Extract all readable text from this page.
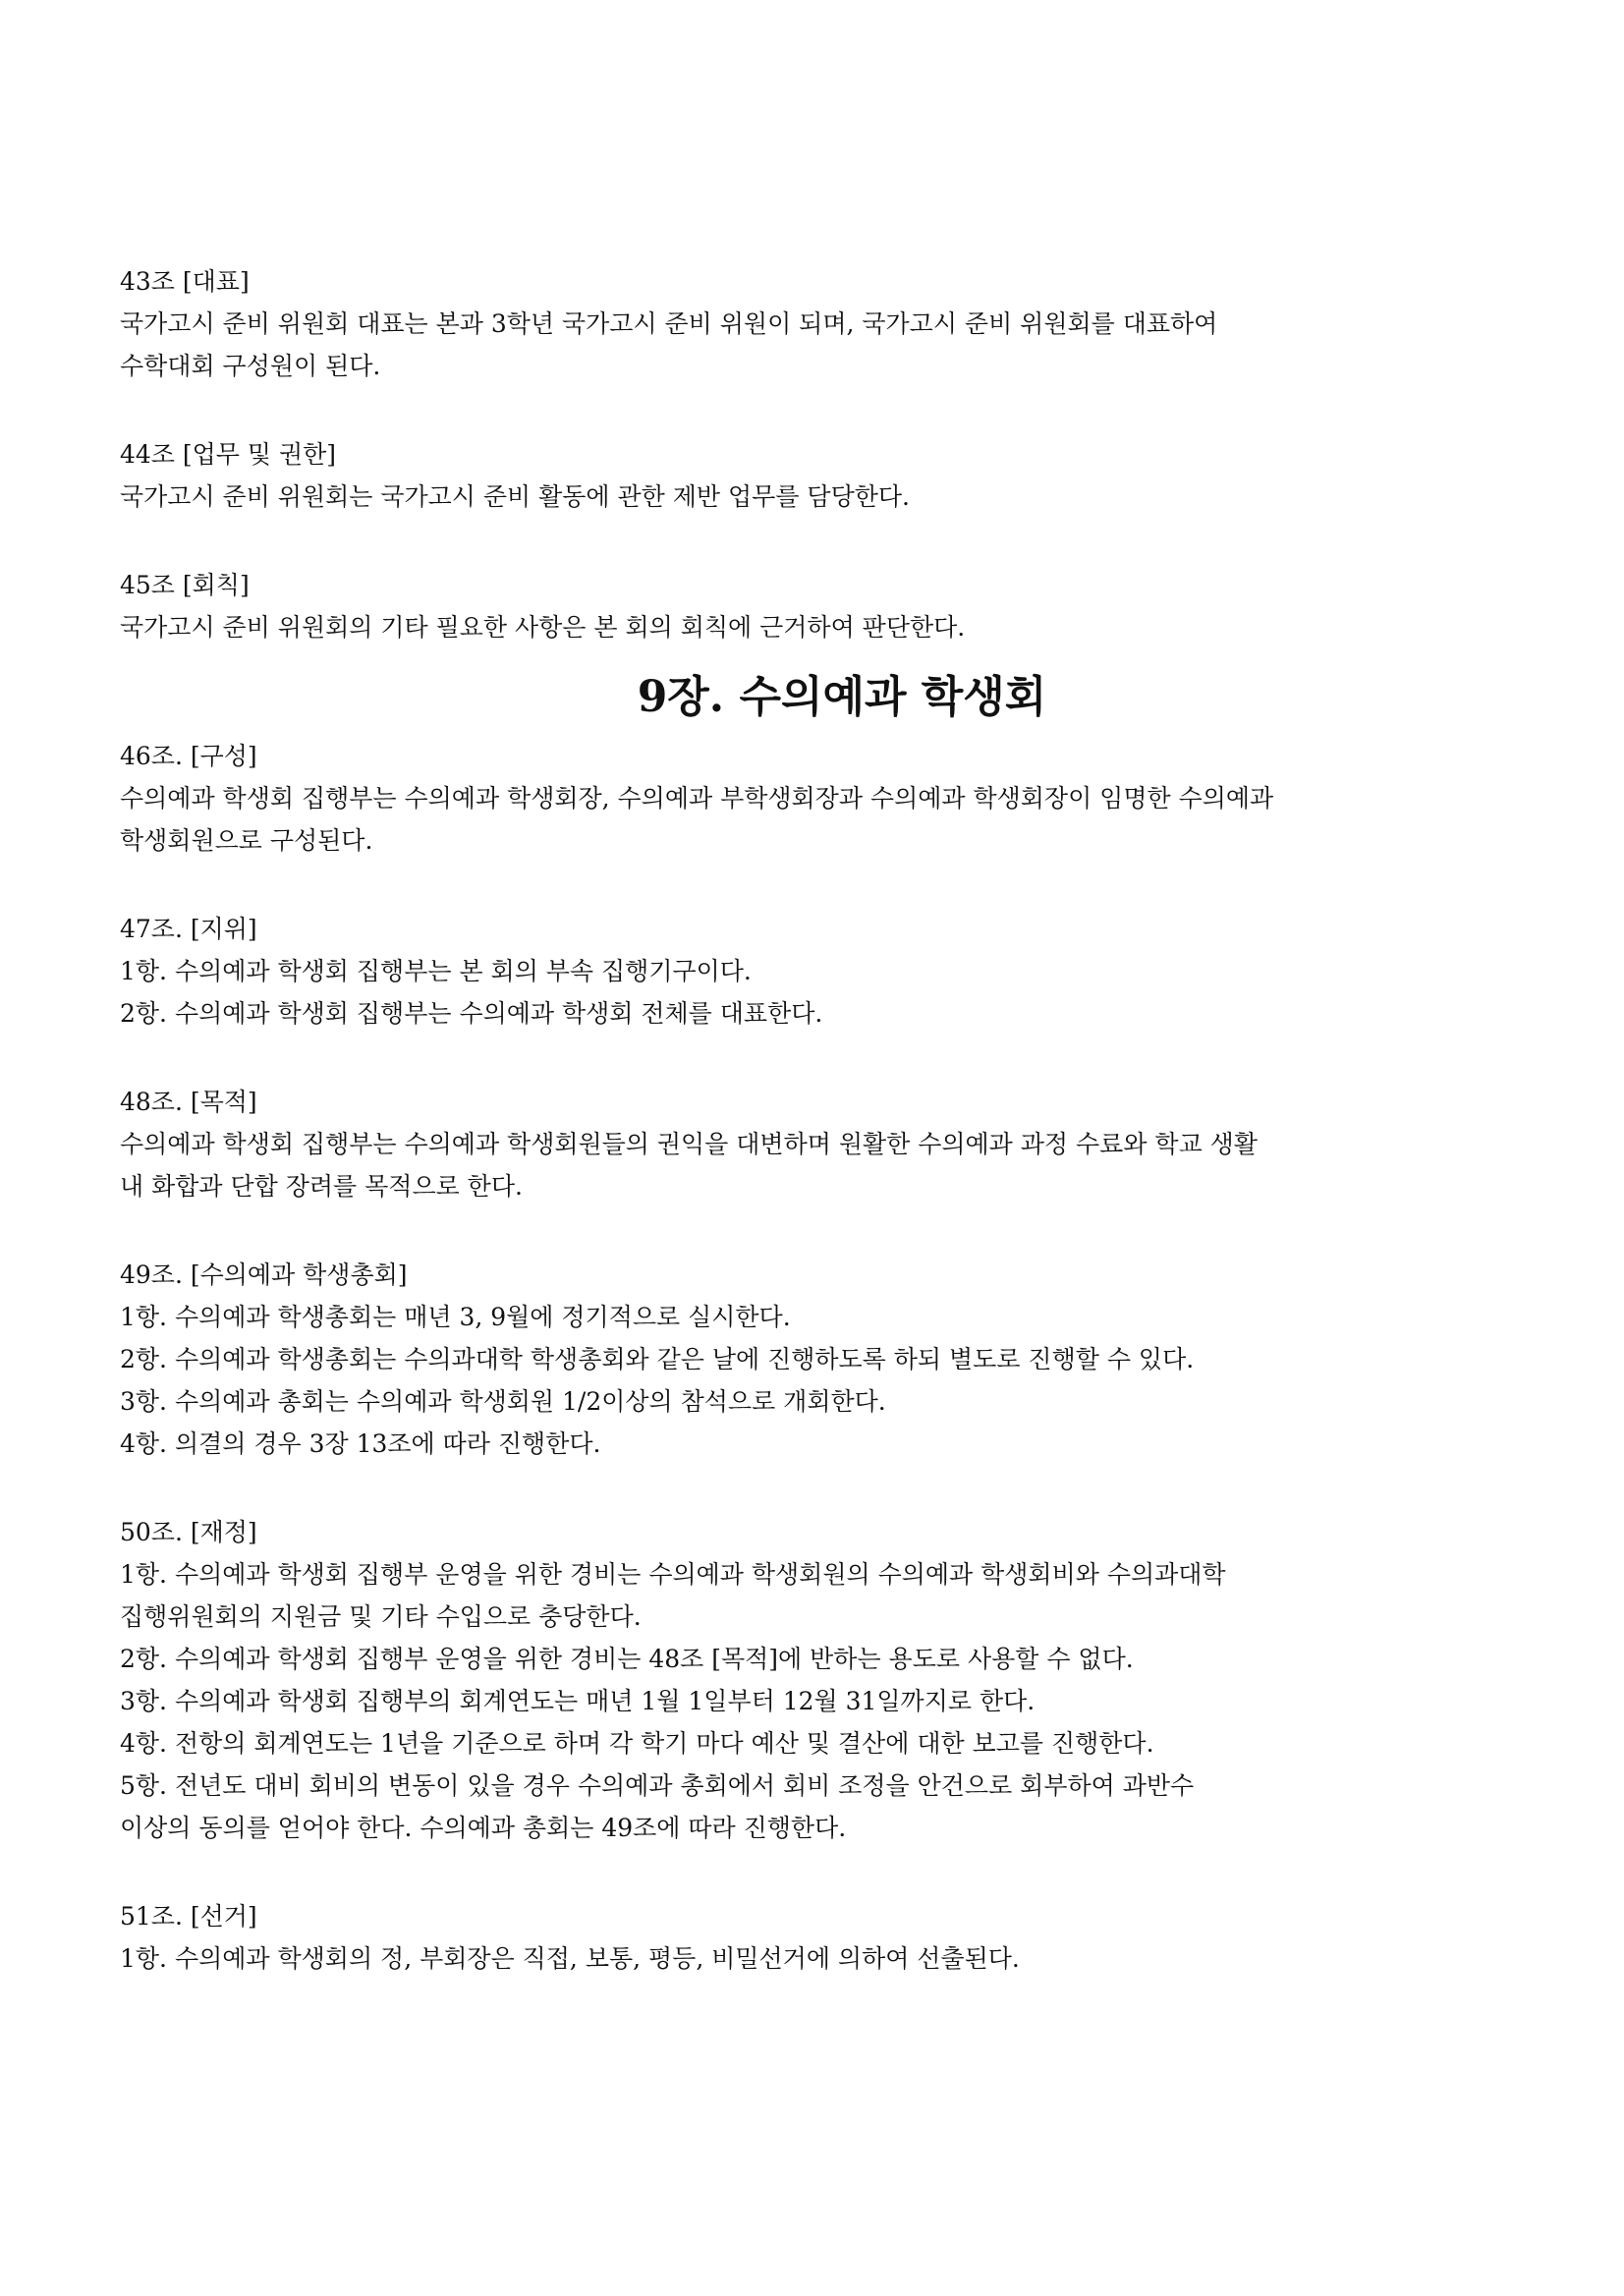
43조 [대표]
국가고시 준비 위원회 대표는 본과 3학년 국가고시 준비 위원이 되며, 국가고시 준비 위원회를 대표하여
수학대회 구성원이 된다.
44조 [업무 및 권한]
국가고시 준비 위원회는 국가고시 준비 활동에 관한 제반 업무를 담당한다.
45조 [회칙]
국가고시 준비 위원회의 기타 필요한 사항은 본 회의 회칙에 근거하여 판단한다.
9장. 수의예과 학생회
46조. [구성]
수의예과 학생회 집행부는 수의예과 학생회장, 수의예과 부학생회장과 수의예과 학생회장이 임명한 수의예과
학생회원으로 구성된다.
47조. [지위]
1항. 수의예과 학생회 집행부는 본 회의 부속 집행기구이다.
2항. 수의예과 학생회 집행부는 수의예과 학생회 전체를 대표한다.
48조. [목적]
수의예과 학생회 집행부는 수의예과 학생회원들의 권익을 대변하며 원활한 수의예과 과정 수료와 학교 생활
내 화합과 단합 장려를 목적으로 한다.
49조. [수의예과 학생총회]
1항. 수의예과 학생총회는 매년 3, 9월에 정기적으로 실시한다.
2항. 수의예과 학생총회는 수의과대학 학생총회와 같은 날에 진행하도록 하되 별도로 진행할 수 있다.
3항. 수의예과 총회는 수의예과 학생회원 1/2이상의 참석으로 개회한다.
4항. 의결의 경우 3장 13조에 따라 진행한다.
50조. [재정]
1항. 수의예과 학생회 집행부 운영을 위한 경비는 수의예과 학생회원의 수의예과 학생회비와 수의과대학
집행위원회의 지원금 및 기타 수입으로 충당한다.
2항. 수의예과 학생회 집행부 운영을 위한 경비는 48조 [목적]에 반하는 용도로 사용할 수 없다.
3항. 수의예과 학생회 집행부의 회계연도는 매년 1월 1일부터 12월 31일까지로 한다.
4항. 전항의 회계연도는 1년을 기준으로 하며 각 학기 마다 예산 및 결산에 대한 보고를 진행한다.
5항. 전년도 대비 회비의 변동이 있을 경우 수의예과 총회에서 회비 조정을 안건으로 회부하여 과반수
이상의 동의를 얻어야 한다. 수의예과 총회는 49조에 따라 진행한다.
51조. [선거]
1항. 수의예과 학생회의 정, 부회장은 직접, 보통, 평등, 비밀선거에 의하여 선출된다.
